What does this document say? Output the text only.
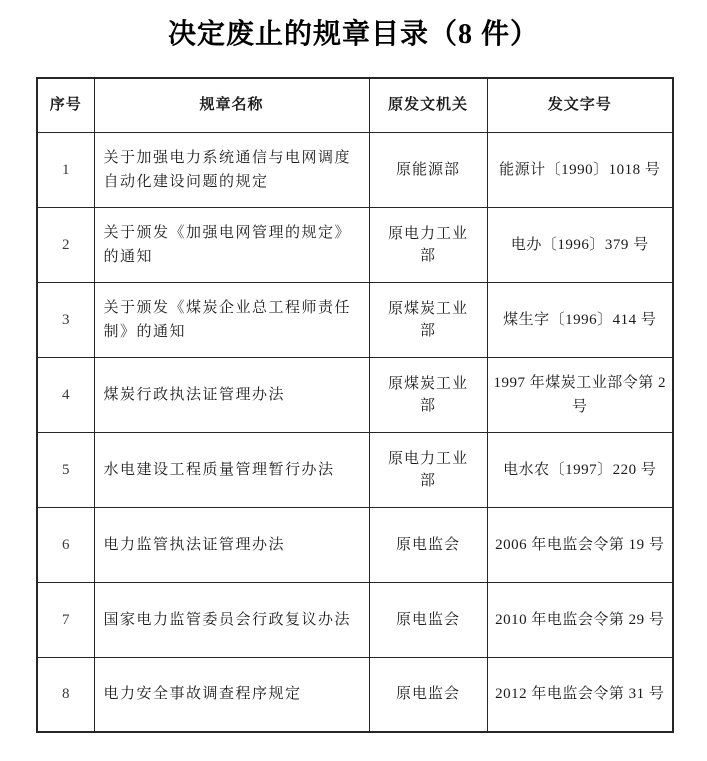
决定废止的规章目录（8 件）
序号	规章名称	原发文机关	发文字号
1	关于加强电力系统通信与电网调度自动化建设问题的规定	原能源部	能源计〔1990〕1018 号
2	关于颁发《加强电网管理的规定》的通知	原电力工业部	电办〔1996〕379 号
3	关于颁发《煤炭企业总工程师责任制》的通知	原煤炭工业部	煤生字〔1996〕414 号
4	煤炭行政执法证管理办法	原煤炭工业部	1997 年煤炭工业部令第 2 号
5	水电建设工程质量管理暂行办法	原电力工业部	电水农〔1997〕220 号
6	电力监管执法证管理办法	原电监会	2006 年电监会令第 19 号
7	国家电力监管委员会行政复议办法	原电监会	2010 年电监会令第 29 号
8	电力安全事故调查程序规定	原电监会	2012 年电监会令第 31 号
